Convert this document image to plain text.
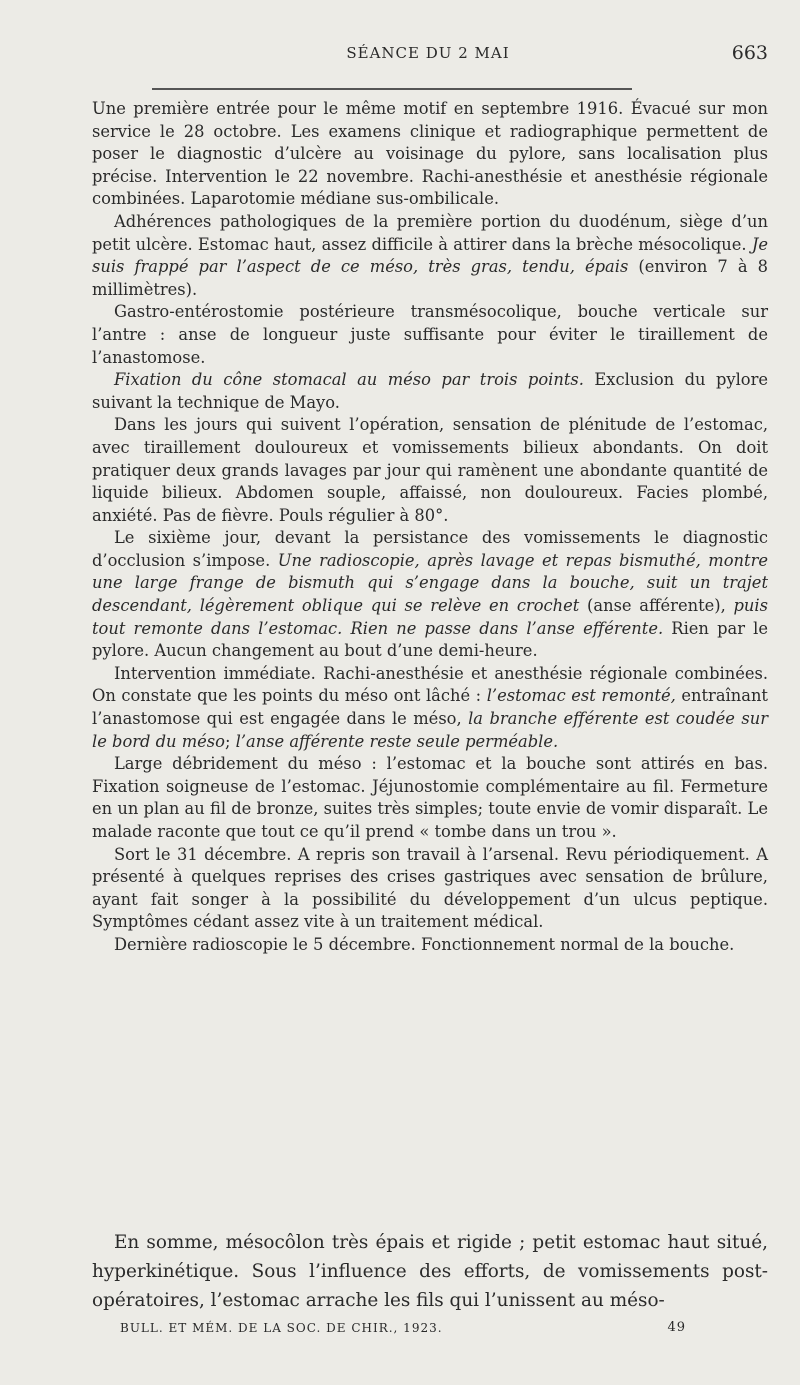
SÉANCE DU 2 MAI	663

Une première entrée pour le même motif en septembre 1916. Évacué sur mon service le 28 octobre. Les examens clinique et radiographique permettent de poser le diagnostic d’ulcère au voisinage du pylore, sans localisation plus précise. Intervention le 22 novembre. Rachi-anesthésie et anesthésie régionale combinées. Laparotomie médiane sus-ombilicale.

Adhérences pathologiques de la première portion du duodénum, siège d’un petit ulcère. Estomac haut, assez difficile à attirer dans la brèche mésocolique. Je suis frappé par l’aspect de ce méso, très gras, tendu, épais (environ 7 à 8 millimètres).

Gastro-entérostomie postérieure transmésocolique, bouche verticale sur l’antre : anse de longueur juste suffisante pour éviter le tiraillement de l’anastomose.

Fixation du cône stomacal au méso par trois points. Exclusion du pylore suivant la technique de Mayo.

Dans les jours qui suivent l’opération, sensation de plénitude de l’estomac, avec tiraillement douloureux et vomissements bilieux abondants. On doit pratiquer deux grands lavages par jour qui ramènent une abondante quantité de liquide bilieux. Abdomen souple, affaissé, non douloureux. Facies plombé, anxiété. Pas de fièvre. Pouls régulier à 80°.

Le sixième jour, devant la persistance des vomissements le diagnostic d’occlusion s’impose. Une radioscopie, après lavage et repas bismuthé, montre une large frange de bismuth qui s’engage dans la bouche, suit un trajet descendant, légèrement oblique qui se relève en crochet (anse afférente), puis tout remonte dans l’estomac. Rien ne passe dans l’anse efférente. Rien par le pylore. Aucun changement au bout d’une demi-heure.

Intervention immédiate. Rachi-anesthésie et anesthésie régionale combinées. On constate que les points du méso ont lâché : l’estomac est remonté, entraînant l’anastomose qui est engagée dans le méso, la branche efférente est coudée sur le bord du méso; l’anse afférente reste seule perméable.

Large débridement du méso : l’estomac et la bouche sont attirés en bas. Fixation soigneuse de l’estomac. Jéjunostomie complémentaire au fil. Fermeture en un plan au fil de bronze, suites très simples; toute envie de vomir disparaît. Le malade raconte que tout ce qu’il prend « tombe dans un trou ».

Sort le 31 décembre. A repris son travail à l’arsenal. Revu périodiquement. A présenté à quelques reprises des crises gastriques avec sensation de brûlure, ayant fait songer à la possibilité du développement d’un ulcus peptique. Symptômes cédant assez vite à un traitement médical.

Dernière radioscopie le 5 décembre. Fonctionnement normal de la bouche.

En somme, mésocôlon très épais et rigide ; petit estomac haut situé, hyperkinétique. Sous l’influence des efforts, de vomissements post-opératoires, l’estomac arrache les fils qui l’unissent au méso-

BULL. ET MÉM. DE LA SOC. DE CHIR., 1923.	49
